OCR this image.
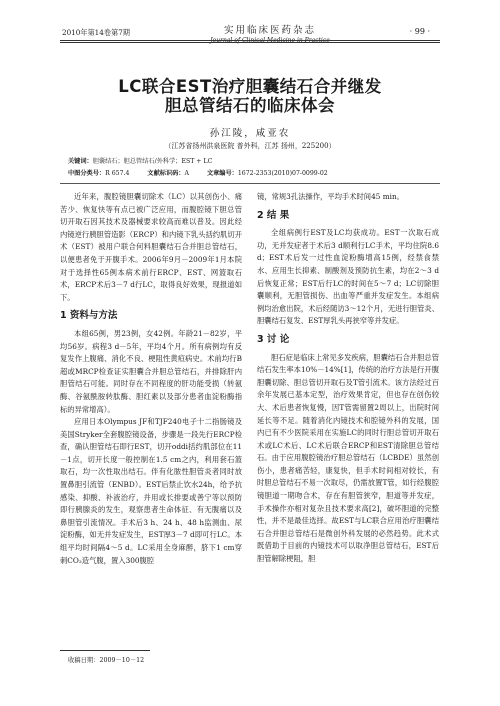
2010年第14卷第7期	实用临床医药杂志
Journal of Clinical Medicine in Practice
· 99 ·
LC联合EST治疗胆囊结石合并继发
胆总管结石的临床体会
孙江陵，咸亚农
（江苏省扬州洪泉医院 普外科，江苏 扬州，225200）
关键词：胆囊结石；胆总管结石/外科学；EST + LC
中图分类号：R 657.4	文献标识码：A	文章编号：1672-2353(2010)07-0099-02

近年来，腹腔镜胆囊切除术（LC）以其创伤小、痛苦少、恢复快等有点已被广泛应用，而腹腔镜下胆总管切开取石因其技术及器械要求较高而难以普及。因此经内镜逆行胰胆管造影（ERCP）和内镜下乳头括约肌切开术（EST）被用户联合何料胆囊结石合并胆总管结石，以便患者免于开腹手术。2006年9月－2009年1月本院对于选择性65例本病术前行ERCP、EST、网篮取石术，ERCP术后3－7 d行LC，取得良好效果，现报道如下。

1 资料与方法

本组65例，男23例，女42例。年龄21－82岁，平均56岁。病程3 d－5年，平均4个月。所有病例均有反复发作上腹痛、消化不良、梗阻性黄疸病史。术前均行B超或MRCP检查证实胆囊合并胆总管结石，并排除肝内胆管结石可能。同时存在不同程度的肝功能受损（转氨酶、谷氨酰胺转肽酶、胆红素以及部分患者血淀粉酶指标的异常增高）。

应用日本Olympus JF和TJF240电子十二指肠镜及美国Stryker全套腹腔镜设备，步骤是一段先行ERCP检查，确认胆管结石即行EST，切开oddi括约肌部位在11－1点，切开长度一般控制在1.5 cm之内，利用套石篮取石，均一次性取出结石。伴有化脓性胆管炎者同时放置鼻胆引流管（ENBD）。EST后禁止饮水24h，给予抗感染、抑酸、补液治疗，并用或长排要或善宁等以预防即行胰腺炎的发生，观察患者生命体征、有无腹痛以及鼻胆管引流情况。手术后3 h、24 h、48 h监测血、尿淀粉酶，如无并发症发生，EST厚3－7 d即可行LC。本组平均时间隔4～5 d。LC采用全身麻醉，脐下1 cm穿刺CO₂造气腹，置入300腹腔

镜，常规3孔法操作，平均手术时间45 min。

2 结 果

全组病例行EST及LC均获成功。EST一次取石成功，无并发症者于术后3 d顺利行LC手术，平均住院8.6 d；EST术后发一过性血淀粉酶增高15例，经禁食禁水、应用生长抑素、制酸剂及预防抗生素，均在2～3 d后恢复正常；EST后行LC的时间在5～7 d；LC切除胆囊顺利，无胆管损伤、出血等严重并发症发生。本组病例均治愈出院，术后经随访3～12个月，无进行胆管炎、胆囊结石复发、EST厚乳头再狭窄等并发症。

3 讨 论

胆石症是临床上常见多发疾病，胆囊结石合并胆总管结石发生率本10%－14%[1]，传统的治疗方法是行开腹胆囊切除、胆总管切开取石及T管引流术。该方法经过百余年发展已基本定型，治疗效果肯定，但也存在创伤较大、术后患者恢复慢，因T管需留置2周以上，出院时间延长等不足。随着消化内镜技术和腔镜外科的发展，国内已有不少医院采用在实施LC的同时行胆总管切开取石术或LC术后、LC术后联合ERCP和EST清除胆总管结石。由于应用腹腔镜治疗胆总管结石（LCBDE）虽然创伤小，患者痛苦轻，康复快，但手术时间相对较长，有时胆总管结石不易一次取尽，仍需放置T管，如行经腹腔镜胆道一期吻合术，存在有胆管狭窄，胆道等并发症，手术操作亦相对复杂且技术要求高[2]，破坏胆道的完整性，并不是最佳选择。故EST与LC联合应用治疗胆囊结石合并胆总管结石是微创外科发展的必然趋势。此术式既借助于目前的内镜技术可以取净胆总管结石，EST后胆管解除梗阻，胆

收稿日期：2009－10－12
